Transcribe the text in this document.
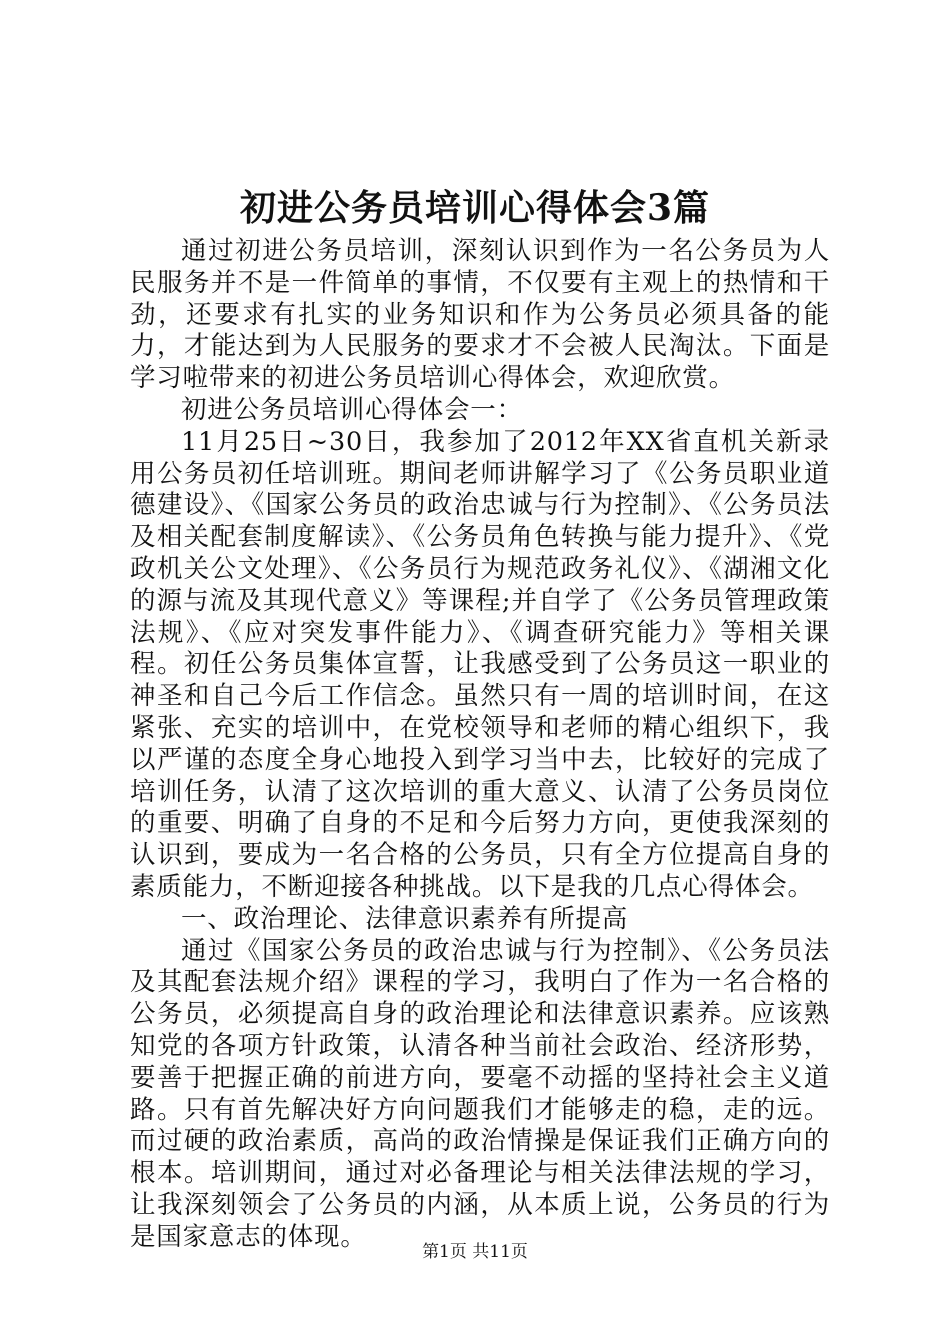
初进公务员培训心得体会3篇

通过初进公务员培训，深刻认识到作为一名公务员为人民服务并不是一件简单的事情，不仅要有主观上的热情和干劲，还要求有扎实的业务知识和作为公务员必须具备的能力，才能达到为人民服务的要求才不会被人民淘汰。下面是学习啦带来的初进公务员培训心得体会，欢迎欣赏。

初进公务员培训心得体会一：

11月25日~30日，我参加了2012年XX省直机关新录用公务员初任培训班。期间老师讲解学习了《公务员职业道德建设》、《国家公务员的政治忠诚与行为控制》、《公务员法及相关配套制度解读》、《公务员角色转换与能力提升》、《党政机关公文处理》、《公务员行为规范政务礼仪》、《湖湘文化的源与流及其现代意义》等课程;并自学了《公务员管理政策法规》、《应对突发事件能力》、《调查研究能力》等相关课程。初任公务员集体宣誓，让我感受到了公务员这一职业的神圣和自己今后工作信念。虽然只有一周的培训时间，在这紧张、充实的培训中，在党校领导和老师的精心组织下，我以严谨的态度全身心地投入到学习当中去，比较好的完成了培训任务，认清了这次培训的重大意义、认清了公务员岗位的重要、明确了自身的不足和今后努力方向，更使我深刻的认识到，要成为一名合格的公务员，只有全方位提高自身的素质能力，不断迎接各种挑战。以下是我的几点心得体会。

一、政治理论、法律意识素养有所提高

通过《国家公务员的政治忠诚与行为控制》、《公务员法及其配套法规介绍》课程的学习，我明白了作为一名合格的公务员，必须提高自身的政治理论和法律意识素养。应该熟知党的各项方针政策，认清各种当前社会政治、经济形势，要善于把握正确的前进方向，要毫不动摇的坚持社会主义道路。只有首先解决好方向问题我们才能够走的稳，走的远。而过硬的政治素质，高尚的政治情操是保证我们正确方向的根本。培训期间，通过对必备理论与相关法律法规的学习，让我深刻领会了公务员的内涵，从本质上说，公务员的行为是国家意志的体现。

第1页 共11页
